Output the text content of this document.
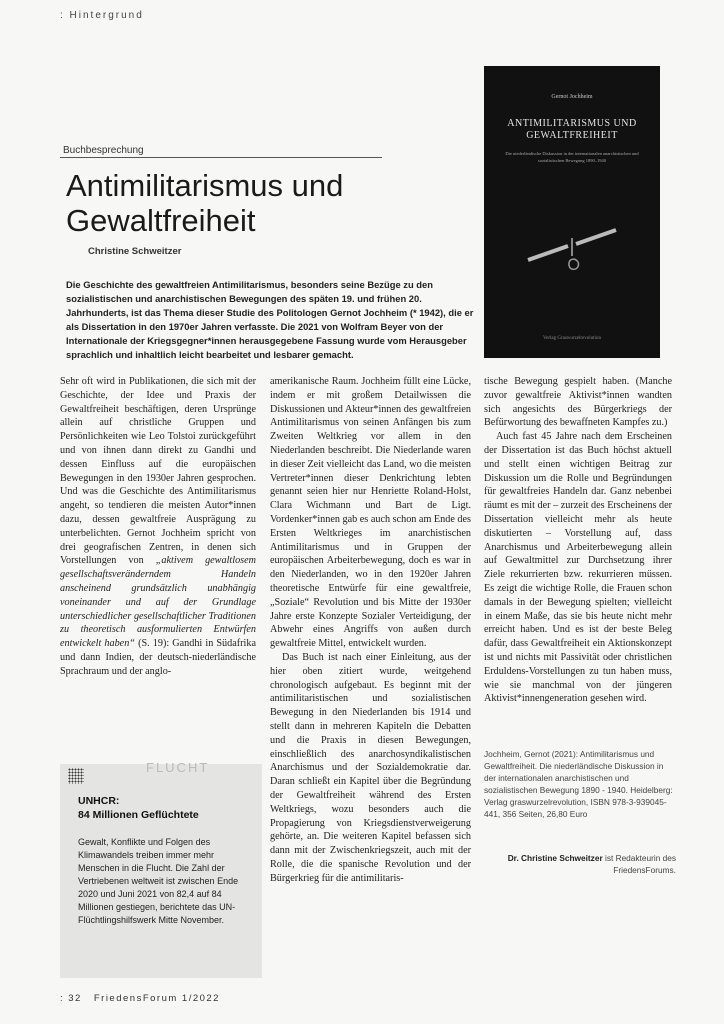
: Hintergrund
Buchbesprechung
Antimilitarismus und Gewaltfreiheit
Christine Schweitzer
Die Geschichte des gewaltfreien Antimilitarismus, besonders seine Bezüge zu den sozialistischen und anarchistischen Bewegungen des späten 19. und frühen 20. Jahrhunderts, ist das Thema dieser Studie des Politologen Gernot Jochheim (* 1942), die er als Dissertation in den 1970er Jahren verfasste. Die 2021 von Wolfram Beyer von der Internationale der Kriegsgegner*innen herausgegebene Fassung wurde vom Herausgeber sprachlich und inhaltlich leicht bearbeitet und lesbarer gemacht.
Gernot Jochheim
ANTIMILITARISMUS UND GEWALTFREIHEIT
Die niederländische Diskussion in der internationalen anarchistischen und sozialistischen Bewegung 1890–1940
Verlag Graswurzelrevolution

Sehr oft wird in Publikationen, die sich mit der Geschichte, der Idee und Praxis der Gewaltfreiheit beschäftigen, deren Ursprünge allein auf christliche Gruppen und Persönlichkeiten wie Leo Tolstoi zurückgeführt und von ihnen dann direkt zu Gandhi und dessen Einfluss auf die europäischen Bewegungen in den 1930er Jahren gesprochen. Und was die Geschichte des Antimilitarismus angeht, so tendieren die meisten Autor*innen dazu, dessen gewaltfreie Ausprägung zu unterbelichten. Gernot Jochheim spricht von drei geografischen Zentren, in denen sich Vorstellungen von „aktivem gewaltlosem gesellschaftsveränderndem Handeln anscheinend grundsätzlich unabhängig voneinander und auf der Grundlage unterschiedlicher gesellschaftlicher Traditionen zu theoretisch ausformulierten Entwürfen entwickelt haben“ (S. 19): Gandhi in Südafrika und dann Indien, der deutsch-niederländische Sprachraum und der anglo-

amerikanische Raum. Jochheim füllt eine Lücke, indem er mit großem Detailwissen die Diskussionen und Akteur*innen des gewaltfreien Antimilitarismus von seinen Anfängen bis zum Zweiten Weltkrieg vor allem in den Niederlanden beschreibt. Die Niederlande waren in dieser Zeit vielleicht das Land, wo die meisten Vertreter*innen dieser Denkrichtung lebten genannt seien hier nur Henriette Roland-Holst, Clara Wichmann und Bart de Ligt. Vordenker*innen gab es auch schon am Ende des Ersten Weltkrieges im anarchistischen Antimilitarismus und in Gruppen der europäischen Arbeiterbewegung, doch es war in den Niederlanden, wo in den 1920er Jahren theoretische Entwürfe für eine gewaltfreie, „Soziale“ Revolution und bis Mitte der 1930er Jahre erste Konzepte Sozialer Verteidigung, der Abwehr eines Angriffs von außen durch gewaltfreie Mittel, entwickelt wurden.

Das Buch ist nach einer Einleitung, aus der hier oben zitiert wurde, weitgehend chronologisch aufgebaut. Es beginnt mit der antimilitaristischen und sozialistischen Bewegung in den Niederlanden bis 1914 und stellt dann in mehreren Kapiteln die Debatten und die Praxis in diesen Bewegungen, einschließlich des anarchosyndikalistischen Anarchismus und der Sozialdemokratie dar. Daran schließt ein Kapitel über die Begründung der Gewaltfreiheit während des Ersten Weltkriegs, wozu besonders auch die Propagierung von Kriegsdienstverweigerung gehörte, an. Die weiteren Kapitel befassen sich dann mit der Zwischenkriegszeit, auch mit der Rolle, die die spanische Revolution und der Bürgerkrieg für die antimilitaris-

tische Bewegung gespielt haben. (Manche zuvor gewaltfreie Aktivist*innen wandten sich angesichts des Bürgerkriegs der Befürwortung des bewaffneten Kampfes zu.)

Auch fast 45 Jahre nach dem Erscheinen der Dissertation ist das Buch höchst aktuell und stellt einen wichtigen Beitrag zur Diskussion um die Rolle und Begründungen für gewaltfreies Handeln dar. Ganz nebenbei räumt es mit der – zurzeit des Erscheinens der Dissertation vielleicht mehr als heute diskutierten – Vorstellung auf, dass Anarchismus und Arbeiterbewegung allein auf Gewaltmittel zur Durchsetzung ihrer Ziele rekurrierten bzw. rekurrieren müssen. Es zeigt die wichtige Rolle, die Frauen schon damals in der Bewegung spielten; vielleicht in einem Maße, das sie bis heute nicht mehr erreicht haben. Und es ist der beste Beleg dafür, dass Gewaltfreiheit ein Aktionskonzept ist und nichts mit Passivität oder christlichen Erduldens-Vorstellungen zu tun haben muss, wie sie manchmal von der jüngeren Aktivist*innengeneration gesehen wird.

Jochheim, Gernot (2021): Antimilitarismus und Gewaltfreiheit. Die niederländische Diskussion in der internationalen anarchistischen und sozialistischen Bewegung 1890 - 1940. Heidelberg: Verlag graswurzelrevolution, ISBN 978-3-939045-441, 356 Seiten, 26,80 Euro
Dr. Christine Schweitzer ist Redakteurin des FriedensForums.
FLUCHT
UNHCR:
84 Millionen Geflüchtete
Gewalt, Konflikte und Folgen des Klimawandels treiben immer mehr Menschen in die Flucht. Die Zahl der Vertriebenen weltweit ist zwischen Ende 2020 und Juni 2021 von 82,4 auf 84 Millionen gestiegen, berichtete das UN-Flüchtlingshilfswerk Mitte November.
: 32 FriedensForum 1/2022
